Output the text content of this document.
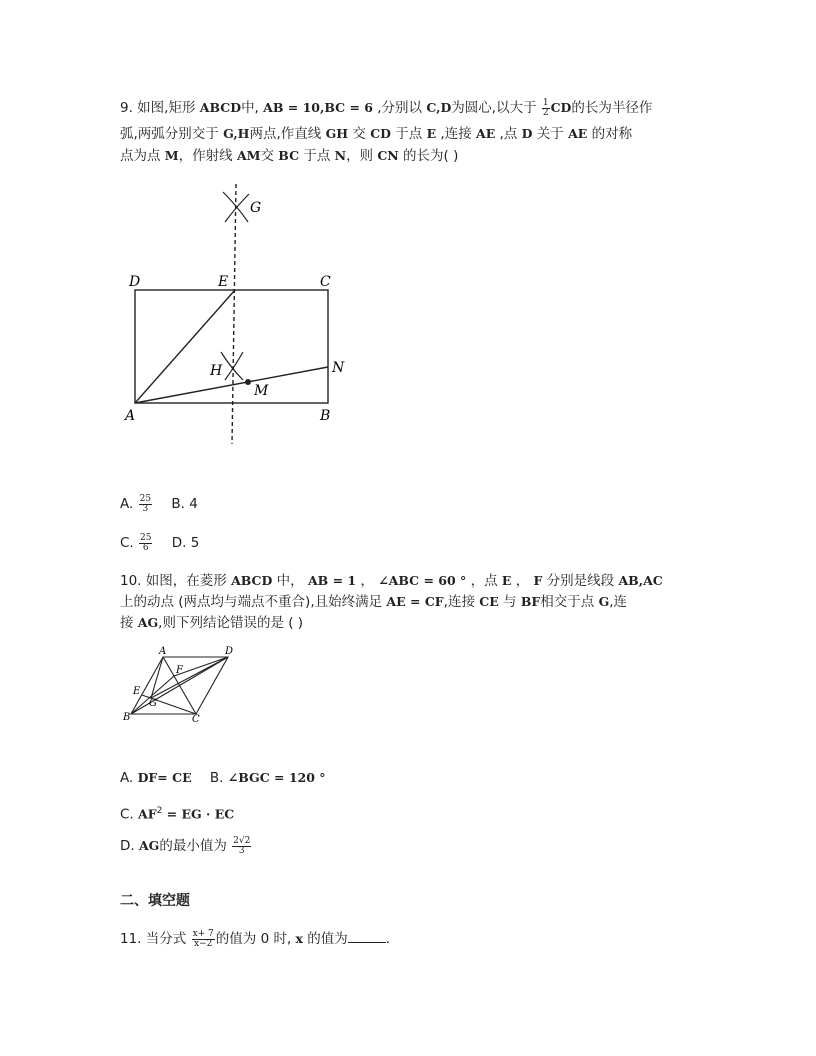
9. 如图,矩形 ABCD中, AB = 10,BC = 6 ,分别以 C,D为圆心,以大于 $\frac{1}{2}$ CD的长为半径作
弧,两弧分别交于 G,H两点,作直线 GH 交 CD 于点 E ,连接 AE ,点 D 关于 AE 的对称
点为点 M，作射线 AM交 BC 于点 N，则 CN 的长为( )
G
D	E	C
H	N
M
A	B
A. $\frac{25}{3} B$. 4
C. $\frac{25}{6} D$. 5
10. 如图，在菱形 ABCD 中， AB = 1 ， ∠ABC = 60 ° ，点 E ， F 分别是线段 AB,AC
上的动点 (两点均与端点不重合),且始终满足 AE = CF,连接 CE 与 BF相交于点 G,连
接 AG,则下列结论错误的是 ( )
A	D
F
E
G
B	C
A. DF= CE B. ∠BGC = 120 °
C. $AF^2$ = EG · EC
D. AG的最小值为 $\frac{2√2}{3}$
二、填空题
11. 当分式 $\frac{x+ 7}{x-2}$ 的值为 0 时, x 的值为	.
